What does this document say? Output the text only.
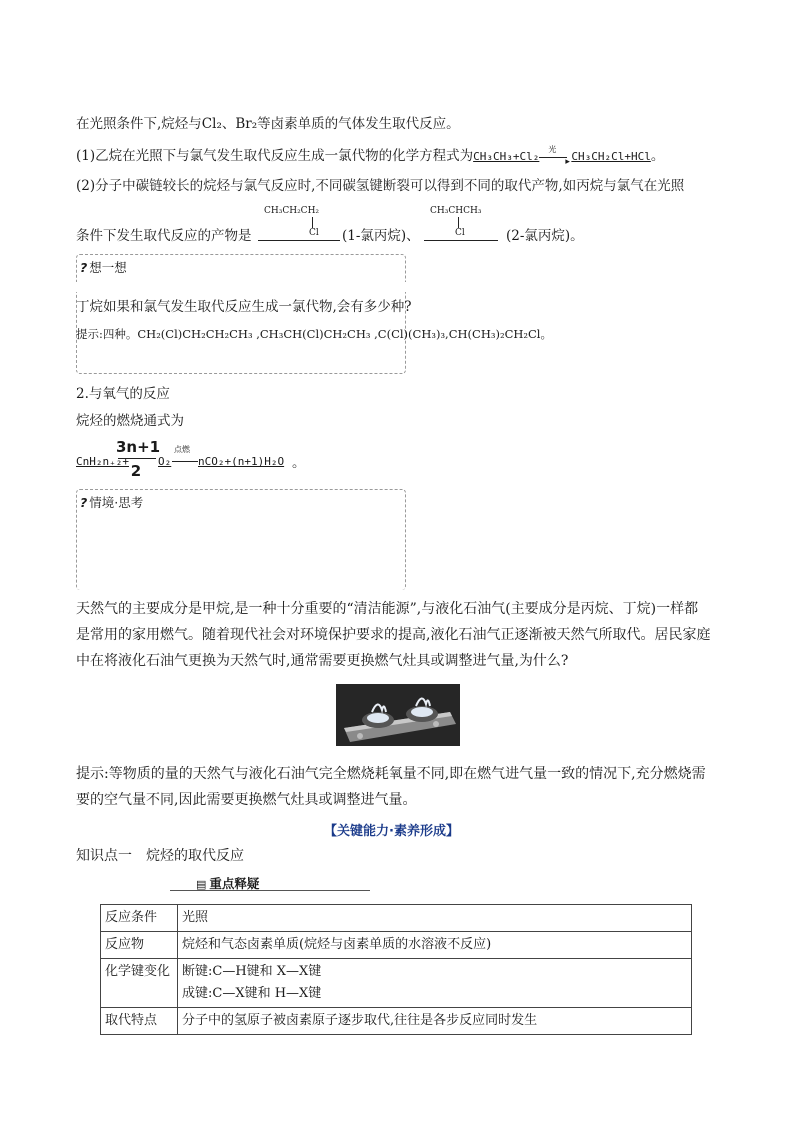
在光照条件下,烷烃与Cl₂、Br₂等卤素单质的气体发生取代反应。
(1)乙烷在光照下与氯气发生取代反应生成一氯代物的化学方程式为CH₃CH₃+Cl₂
光
▸ CH₃CH₂Cl+HCl。
(2)分子中碳链较长的烷烃与氯气反应时,不同碳氢键断裂可以得到不同的取代产物,如丙烷与氯气在光照
CH₃CH₂CH₂
Cl
CH₃CHCH₃
Cl
条件下发生取代反应的产物是	(1-氯丙烷)、	(2-氯丙烷)。
? 想一想
丁烷如果和氯气发生取代反应生成一氯代物,会有多少种?
提示:四种。CH₂(Cl)CH₂CH₂CH₃ ,CH₃CH(Cl)CH₂CH₃ ,C(Cl)(CH₃)₃,CH(CH₃)₂CH₂Cl。
2.与氧气的反应
烷烃的燃烧通式为
CnH₂n₊₂+
3n+1
2
O₂
点燃
nCO₂+(n+1)H₂O 。
? 情境·思考
天然气的主要成分是甲烷,是一种十分重要的“清洁能源”,与液化石油气(主要成分是丙烷、丁烷)一样都
是常用的家用燃气。随着现代社会对环境保护要求的提高,液化石油气正逐渐被天然气所取代。居民家庭
中在将液化石油气更换为天然气时,通常需要更换燃气灶具或调整进气量,为什么?
提示:等物质的量的天然气与液化石油气完全燃烧耗氧量不同,即在燃气进气量一致的情况下,充分燃烧需
要的空气量不同,因此需要更换燃气灶具或调整进气量。
【关键能力·素养形成】
知识点一　烷烃的取代反应
▤ 重点释疑
反应条件	光照
反应物	烷烃和气态卤素单质(烷烃与卤素单质的水溶液不反应)
化学键变化	断键:C—H键和 X—X键
成键:C—X键和 H—X键

取代特点	分子中的氢原子被卤素原子逐步取代,往往是各步反应同时发生
